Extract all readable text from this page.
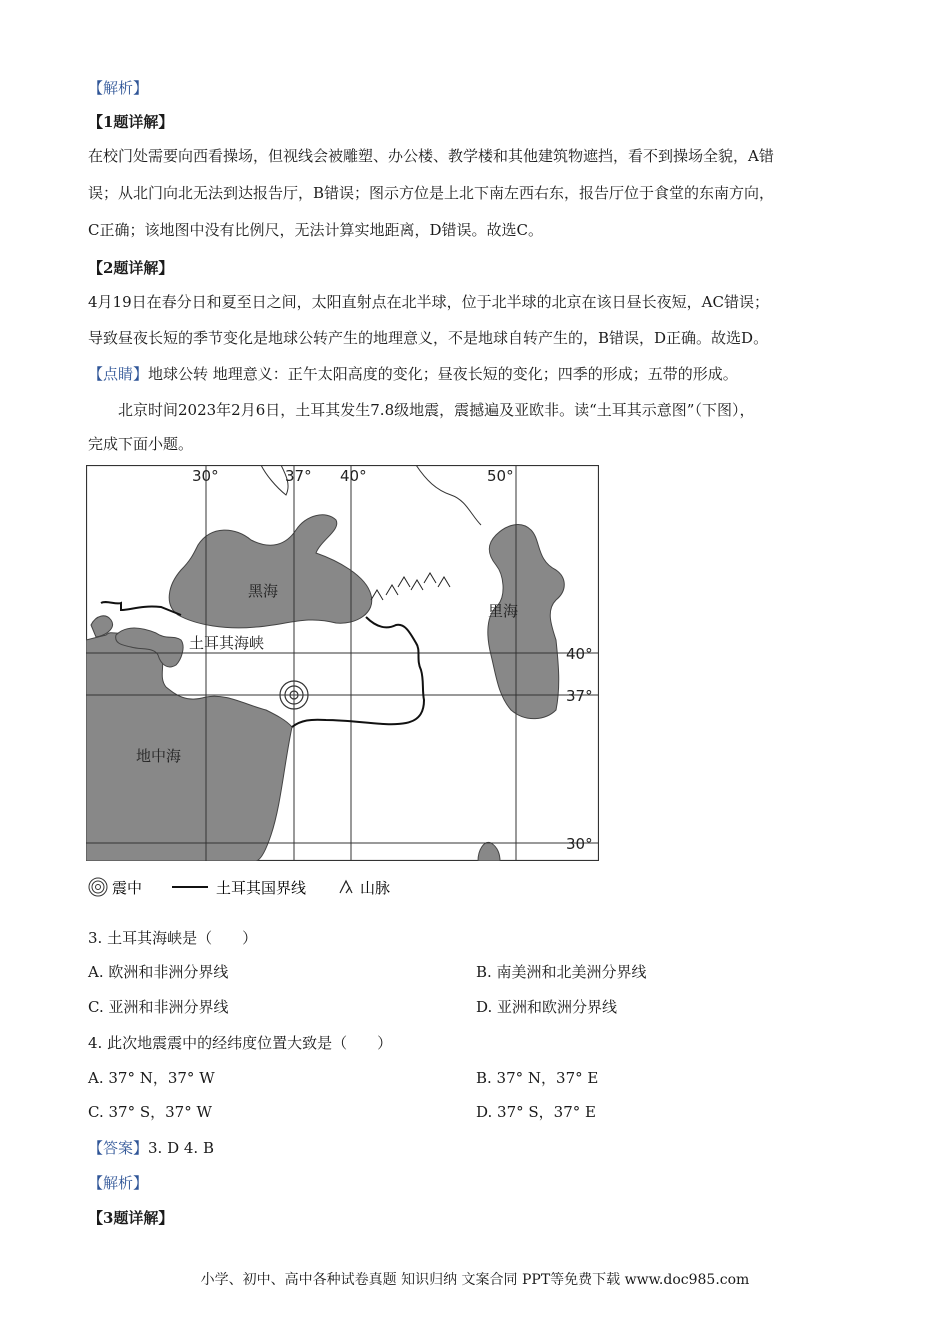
【解析】
【1题详解】
在校门处需要向西看操场，但视线会被雕塑、办公楼、教学楼和其他建筑物遮挡，看不到操场全貌，A错
误；从北门向北无法到达报告厅，B错误；图示方位是上北下南左西右东，报告厅位于食堂的东南方向，
C正确；该地图中没有比例尺，无法计算实地距离，D错误。故选C。
【2题详解】
4月19日在春分日和夏至日之间，太阳直射点在北半球，位于北半球的北京在该日昼长夜短，AC错误；
导致昼夜长短的季节变化是地球公转产生的地理意义，不是地球自转产生的，B错误，D正确。故选D。
【点睛】地球公转 地理意义：正午太阳高度的变化；昼夜长短的变化；四季的形成；五带的形成。
北京时间2023年2月6日，土耳其发生7.8级地震，震撼遍及亚欧非。读“土耳其示意图”（下图），
完成下面小题。
30°	37° 40°	50°
40°
37°
30°
黑海
里海
土耳其海峡
地中海
震中	土耳其国界线	山脉
3. 土耳其海峡是（　　）
A. 欧洲和非洲分界线	B. 南美洲和北美洲分界线
C. 亚洲和非洲分界线	D. 亚洲和欧洲分界线
4. 此次地震震中的经纬度位置大致是（　　）
A. 37° N，37° W	B. 37° N，37° E
C. 37° S，37° W	D. 37° S，37° E
【答案】3. D 4. B
【解析】
【3题详解】
小学、初中、高中各种试卷真题 知识归纳 文案合同 PPT等免费下载 www.doc985.com
